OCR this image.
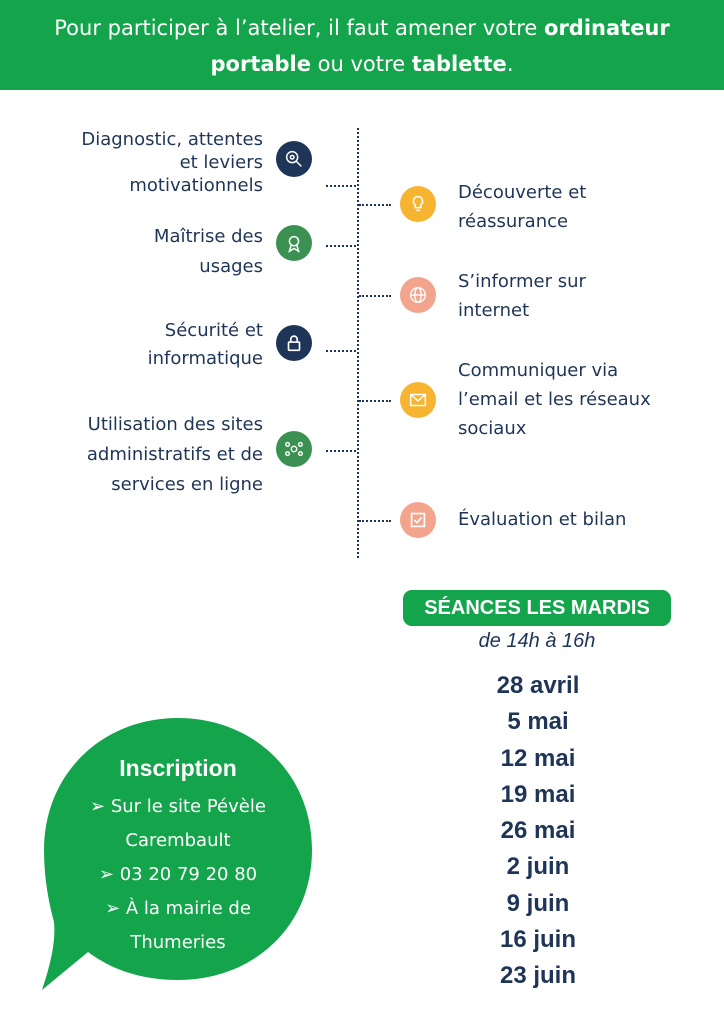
Pour participer à l’atelier, il faut amener votre ordinateur
portable ou votre tablette.
Diagnostic, attentes
et leviers
motivationnels
Maîtrise des
usages
Sécurité et
informatique
Utilisation des sites
administratifs et de
services en ligne
Découverte et
réassurance
S’informer sur
internet
Communiquer via
l’email et les réseaux
sociaux
Évaluation et bilan
SÉANCES LES MARDIS
de 14h à 16h
28 avril
5 mai
12 mai
19 mai
26 mai
2 juin
9 juin
16 juin
23 juin
Inscription
➢ Sur le site Pévèle
Carembault
➢ 03 20 79 20 80
➢ À la mairie de
Thumeries
